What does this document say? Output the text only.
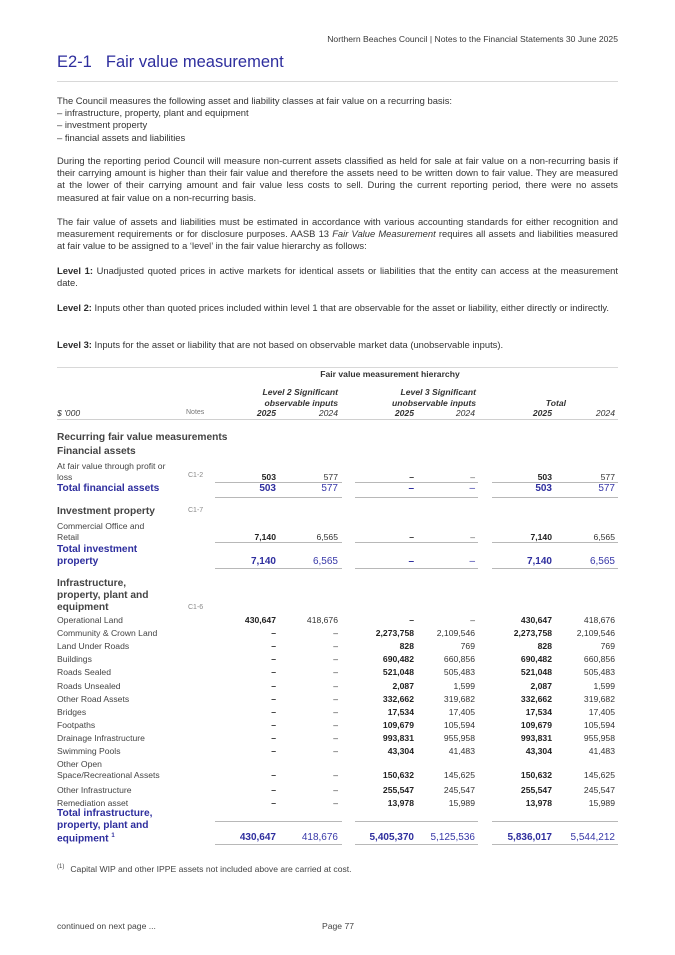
Northern Beaches Council | Notes to the Financial Statements 30 June 2025
E2-1 Fair value measurement

The Council measures the following asset and liability classes at fair value on a recurring basis:

– infrastructure, property, plant and equipment

– investment property

– financial assets and liabilities

During the reporting period Council will measure non-current assets classified as held for sale at fair value on a non-recurring basis if their carrying amount is higher than their fair value and therefore the assets need to be written down to fair value. They are measured at the lower of their carrying amount and fair value less costs to sell. During the current reporting period, there were no assets measured at fair value on a non-recurring basis.

The fair value of assets and liabilities must be estimated in accordance with various accounting standards for either recognition and measurement requirements or for disclosure purposes. AASB 13 Fair Value Measurement requires all assets and liabilities measured at fair value to be assigned to a ‘level’ in the fair value hierarchy as follows:

Level 1: Unadjusted quoted prices in active markets for identical assets or liabilities that the entity can access at the measurement date.

Level 2: Inputs other than quoted prices included within level 1 that are observable for the asset or liability, either directly or indirectly.

Level 3: Inputs for the asset or liability that are not based on observable market data (unobservable inputs).

Fair value measurement hierarchy
Level 2 Significant
observable inputs
Level 3 Significant
unobservable inputs
	Total
$ '000	Notes	2025	2024	2025	2024	2025	2024
Recurring fair value measurements
Financial assets
At fair value through profit or loss	C1-2	503	577	–	–	503	577
Total financial assets	503	577	–	–	503	577
Investment property	C1-7
Commercial Office and Retail	7,140	6,565	–	–	7,140	6,565
Total investment property	7,140	6,565	–	–	7,140	6,565
Infrastructure, property, plant and equipment	C1-6
Operational Land	430,647	418,676	–	–	430,647	418,676
Community & Crown Land	–	–	2,273,758	2,109,546	2,273,758	2,109,546
Land Under Roads	–	–	828	769	828	769
Buildings	–	–	690,482	660,856	690,482	660,856
Roads Sealed	–	–	521,048	505,483	521,048	505,483
Roads Unsealed	–	–	2,087	1,599	2,087	1,599
Other Road Assets	–	–	332,662	319,682	332,662	319,682
Bridges	–	–	17,534	17,405	17,534	17,405
Footpaths	–	–	109,679	105,594	109,679	105,594
Drainage Infrastructure	–	–	993,831	955,958	993,831	955,958
Swimming Pools	–	–	43,304	41,483	43,304	41,483
Other Open Space/Recreational Assets	–	–	150,632	145,625	150,632	145,625
Other Infrastructure	–	–	255,547	245,547	255,547	245,547
Remediation asset	–	–	13,978	15,989	13,978	15,989
Total infrastructure, property, plant and equipment $^1$	430,647	418,676	5,405,370	5,125,536	5,836,017	5,544,212
$^{(1)}$ Capital WIP and other IPPE assets not included above are carried at cost.
continued on next page ...	Page 77
